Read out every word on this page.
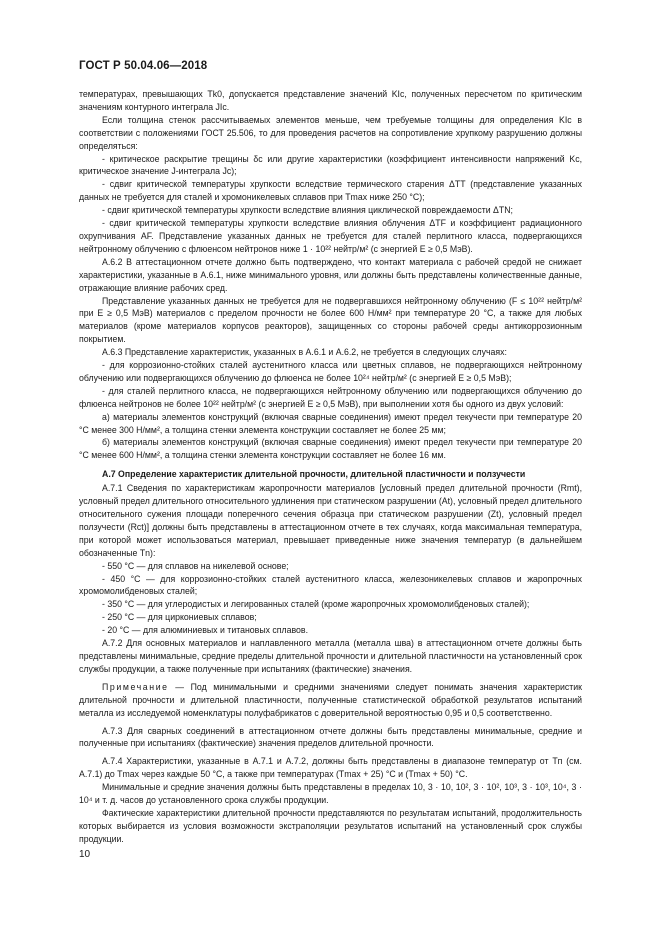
ГОСТ Р 50.04.06—2018

температурах, превышающих Tk0, допускается представление значений KIc, полученных пересчетом по критическим значениям контурного интеграла JIc.

Если толщина стенок рассчитываемых элементов меньше, чем требуемые толщины для определения KIc в соответствии с положениями ГОСТ 25.506, то для проведения расчетов на сопротивление хрупкому разрушению должны определяться:

- критическое раскрытие трещины δc или другие характеристики (коэффициент интенсивности напряжений Kc, критическое значение J-интеграла Jc);

- сдвиг критической температуры хрупкости вследствие термического старения ΔTT (представление указанных данных не требуется для сталей и хромоникелевых сплавов при Tmax ниже 250 °C);

- сдвиг критической температуры хрупкости вследствие влияния циклической повреждаемости ΔTN;

- сдвиг критической температуры хрупкости вследствие влияния облучения ΔTF и коэффициент радиационного охрупчивания AF. Представление указанных данных не требуется для сталей перлитного класса, подвергающихся нейтронному облучению с флюенсом нейтронов ниже 1 · 10²² нейтр/м² (с энергией E ≥ 0,5 МэВ).

А.6.2 В аттестационном отчете должно быть подтверждено, что контакт материала с рабочей средой не снижает характеристики, указанные в А.6.1, ниже минимального уровня, или должны быть представлены количественные данные, отражающие влияние рабочих сред.

Представление указанных данных не требуется для не подвергавшихся нейтронному облучению (F ≤ 10²² нейтр/м² при E ≥ 0,5 МэВ) материалов с пределом прочности не более 600 Н/мм² при температуре 20 °C, а также для любых материалов (кроме материалов корпусов реакторов), защищенных со стороны рабочей среды антикоррозионным покрытием.

А.6.3 Представление характеристик, указанных в А.6.1 и А.6.2, не требуется в следующих случаях:

- для коррозионно-стойких сталей аустенитного класса или цветных сплавов, не подвергающихся нейтронному облучению или подвергающихся облучению до флюенса не более 10²⁴ нейтр/м² (с энергией E ≥ 0,5 МэВ);

- для сталей перлитного класса, не подвергающихся нейтронному облучению или подвергающихся облучению до флюенса нейтронов не более 10²² нейтр/м² (с энергией E ≥ 0,5 МэВ), при выполнении хотя бы одного из двух условий:

а) материалы элементов конструкций (включая сварные соединения) имеют предел текучести при температуре 20 °C менее 300 Н/мм², а толщина стенки элемента конструкции составляет не более 25 мм;

б) материалы элементов конструкций (включая сварные соединения) имеют предел текучести при температуре 20 °C менее 600 Н/мм², а толщина стенки элемента конструкции составляет не более 16 мм.

А.7 Определение характеристик длительной прочности, длительной пластичности и ползучести

А.7.1 Сведения по характеристикам жаропрочности материалов [условный предел длительной прочности (Rmt), условный предел длительного относительного удлинения при статическом разрушении (At), условный предел длительного относительного сужения площади поперечного сечения образца при статическом разрушении (Zt), условный предел ползучести (Rct)] должны быть представлены в аттестационном отчете в тех случаях, когда максимальная температура, при которой может использоваться материал, превышает приведенные ниже значения температур (в дальнейшем обозначенные Tn):

- 550 °C — для сплавов на никелевой основе;

- 450 °C — для коррозионно-стойких сталей аустенитного класса, железоникелевых сплавов и жаропрочных хромомолибденовых сталей;

- 350 °C — для углеродистых и легированных сталей (кроме жаропрочных хромомолибденовых сталей);

- 250 °C — для циркониевых сплавов;

- 20 °C — для алюминиевых и титановых сплавов.

А.7.2 Для основных материалов и наплавленного металла (металла шва) в аттестационном отчете должны быть представлены минимальные, средние пределы длительной прочности и длительной пластичности на установленный срок службы продукции, а также полученные при испытаниях (фактические) значения.

Примечание — Под минимальными и средними значениями следует понимать значения характеристик длительной прочности и длительной пластичности, полученные статистической обработкой результатов испытаний металла из исследуемой номенклатуры полуфабрикатов с доверительной вероятностью 0,95 и 0,5 соответственно.

А.7.3 Для сварных соединений в аттестационном отчете должны быть представлены минимальные, средние и полученные при испытаниях (фактические) значения пределов длительной прочности.

А.7.4 Характеристики, указанные в А.7.1 и А.7.2, должны быть представлены в диапазоне температур от Tп (см. А.7.1) до Tmax через каждые 50 °C, а также при температурах (Tmax + 25) °C и (Tmax + 50) °C.

Минимальные и средние значения должны быть представлены в пределах 10, 3 · 10, 10², 3 · 10², 10³, 3 · 10³, 10⁴, 3 · 10⁴ и т. д. часов до установленного срока службы продукции.

Фактические характеристики длительной прочности представляются по результатам испытаний, продолжительность которых выбирается из условия возможности экстраполяции результатов испытаний на установленный срок службы продукции.

10
